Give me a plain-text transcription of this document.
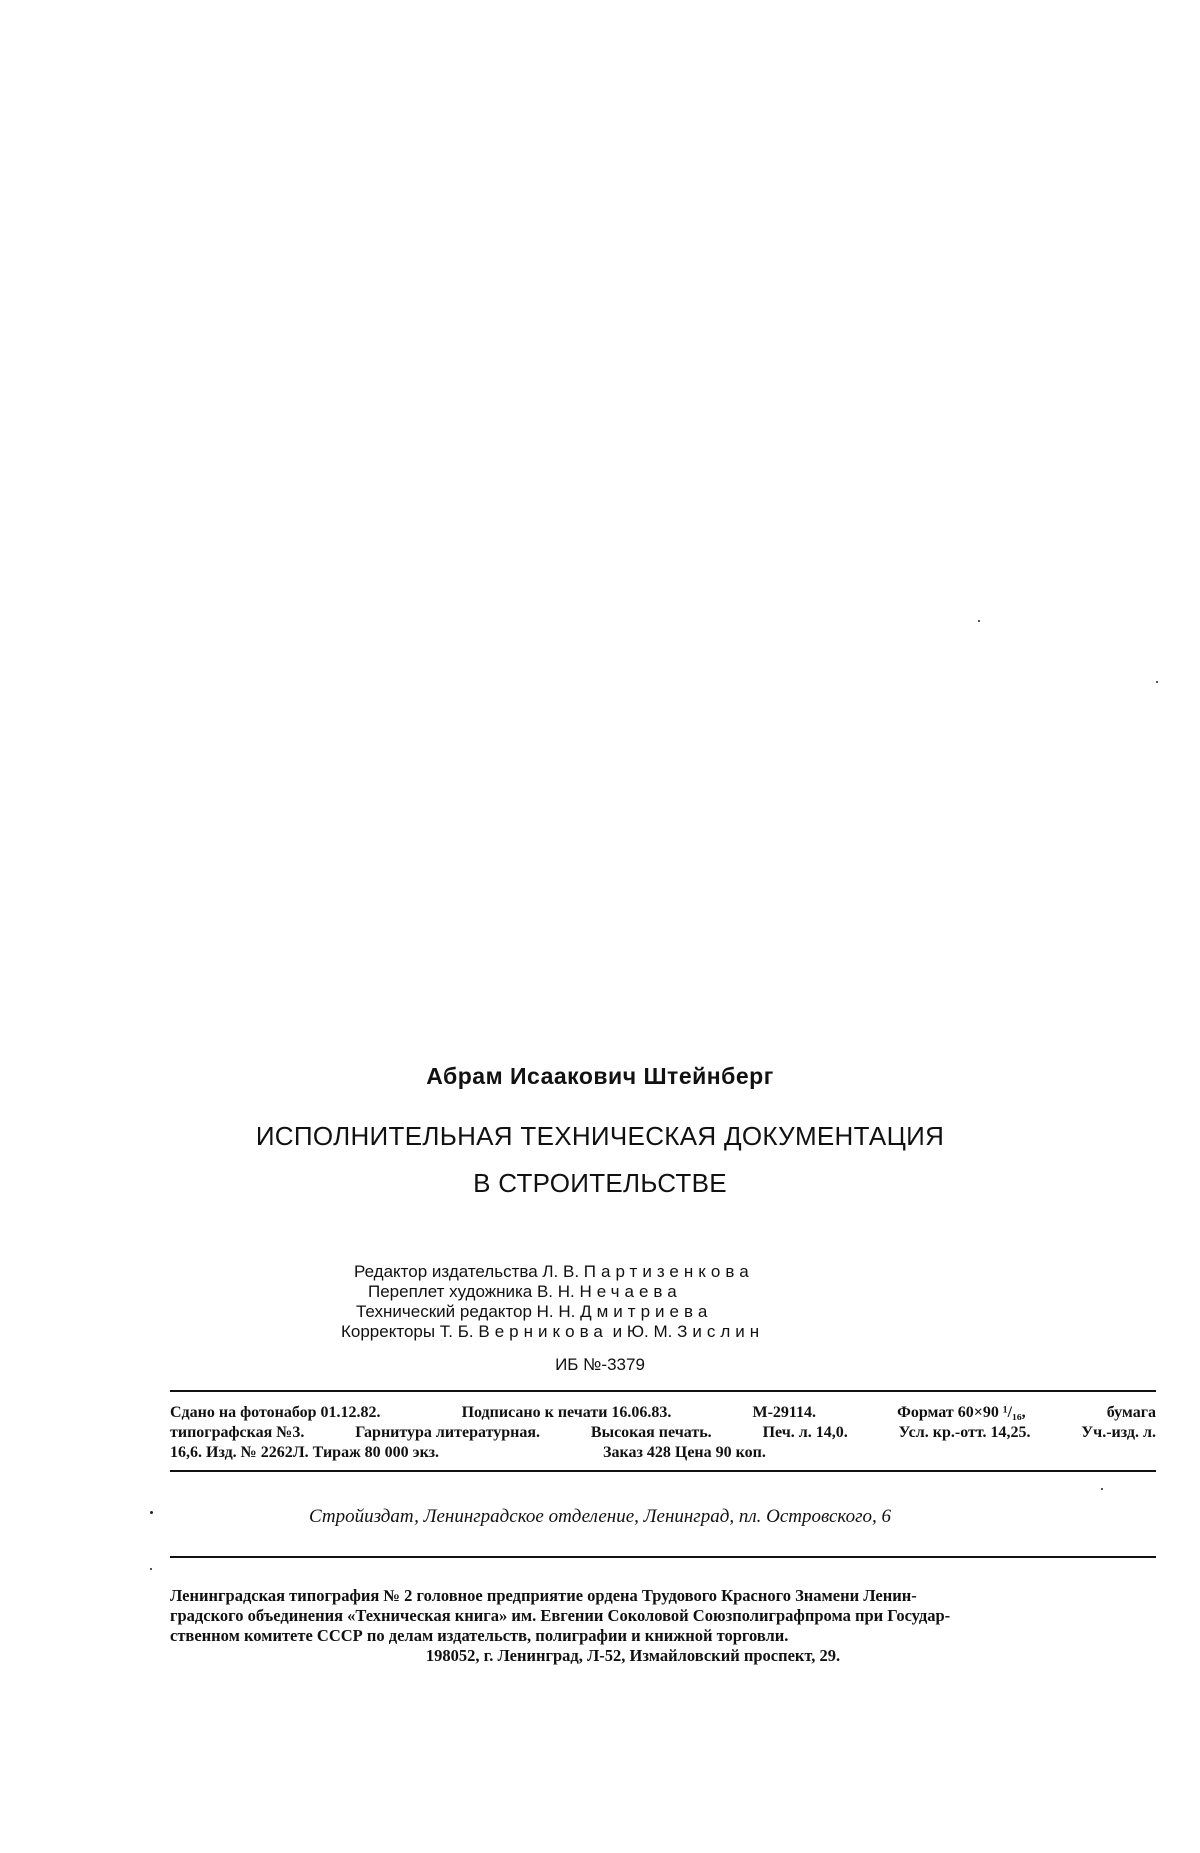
Абрам Исаакович Штейнберг
ИСПОЛНИТЕЛЬНАЯ ТЕХНИЧЕСКАЯ ДОКУМЕНТАЦИЯ
В СТРОИТЕЛЬСТВЕ
Редактор издательства Л. В. Партизенкова
Переплет художника В. Н. Нечаева
Технический редактор Н. Н. Дмитриева
Корректоры Т. Б. Верникова и Ю. М. Зислин
ИБ №-3379
Сдано на фотонабор 01.12.82.	Подписано к печати 16.06.83.	М-29114.	Формат 60×90 ¹/₁₆,	бумага
типографская №3.	Гарнитура литературная.	Высокая печать.	Печ. л. 14,0.	Усл. кр.-отт. 14,25.	Уч.-изд. л.
16,6. Изд. № 2262Л. Тираж 80 000 экз.	Заказ 428 Цена 90 коп.
Стройиздат, Ленинградское отделение, Ленинград, пл. Островского, 6
Ленинградская типография № 2 головное предприятие ордена Трудового Красного Знамени Ленин-
градского объединения «Техническая книга» им. Евгении Соколовой Союзполиграфпрома при Государ-
ственном комитете СССР по делам издательств, полиграфии и книжной торговли.
198052, г. Ленинград, Л-52, Измайловский проспект, 29.
